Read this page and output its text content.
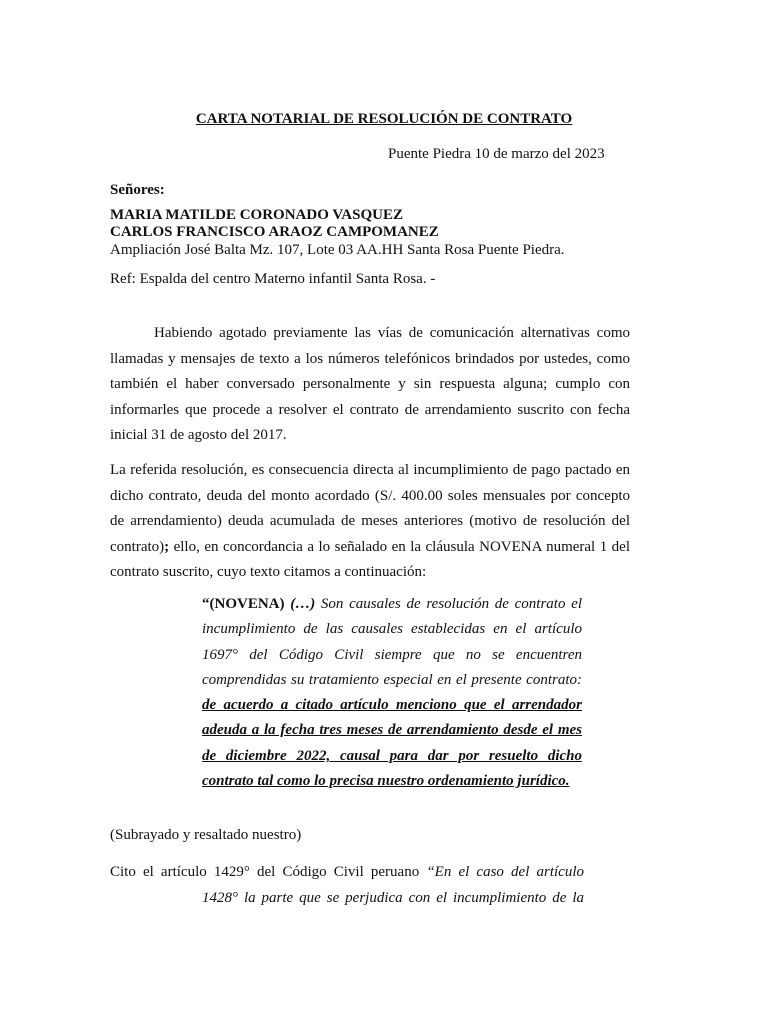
CARTA NOTARIAL DE RESOLUCIÓN DE CONTRATO
Puente Piedra 10 de marzo del 2023
Señores:
MARIA MATILDE CORONADO VASQUEZ
CARLOS FRANCISCO ARAOZ CAMPOMANEZ
Ampliación José Balta Mz. 107, Lote 03 AA.HH Santa Rosa Puente Piedra.
Ref: Espalda del centro Materno infantil Santa Rosa. -
Habiendo agotado previamente las vías de comunicación alternativas como llamadas y mensajes de texto a los números telefónicos brindados por ustedes, como también el haber conversado personalmente y sin respuesta alguna; cumplo con informarles que procede a resolver el contrato de arrendamiento suscrito con fecha inicial 31 de agosto del 2017.
La referida resolución, es consecuencia directa al incumplimiento de pago pactado en dicho contrato, deuda del monto acordado (S/. 400.00 soles mensuales por concepto de arrendamiento) deuda acumulada de meses anteriores (motivo de resolución del contrato); ello, en concordancia a lo señalado en la cláusula NOVENA numeral 1 del contrato suscrito, cuyo texto citamos a continuación:
“(NOVENA) (…) Son causales de resolución de contrato el incumplimiento de las causales establecidas en el artículo 1697° del Código Civil siempre que no se encuentren comprendidas su tratamiento especial en el presente contrato: de acuerdo a citado artículo menciono que el arrendador adeuda a la fecha tres meses de arrendamiento desde el mes de diciembre 2022, causal para dar por resuelto dicho contrato tal como lo precisa nuestro ordenamiento jurídico.
(Subrayado y resaltado nuestro)
Cito el artículo 1429° del Código Civil peruano “En el caso del artículo
1428° la parte que se perjudica con el incumplimiento de la
